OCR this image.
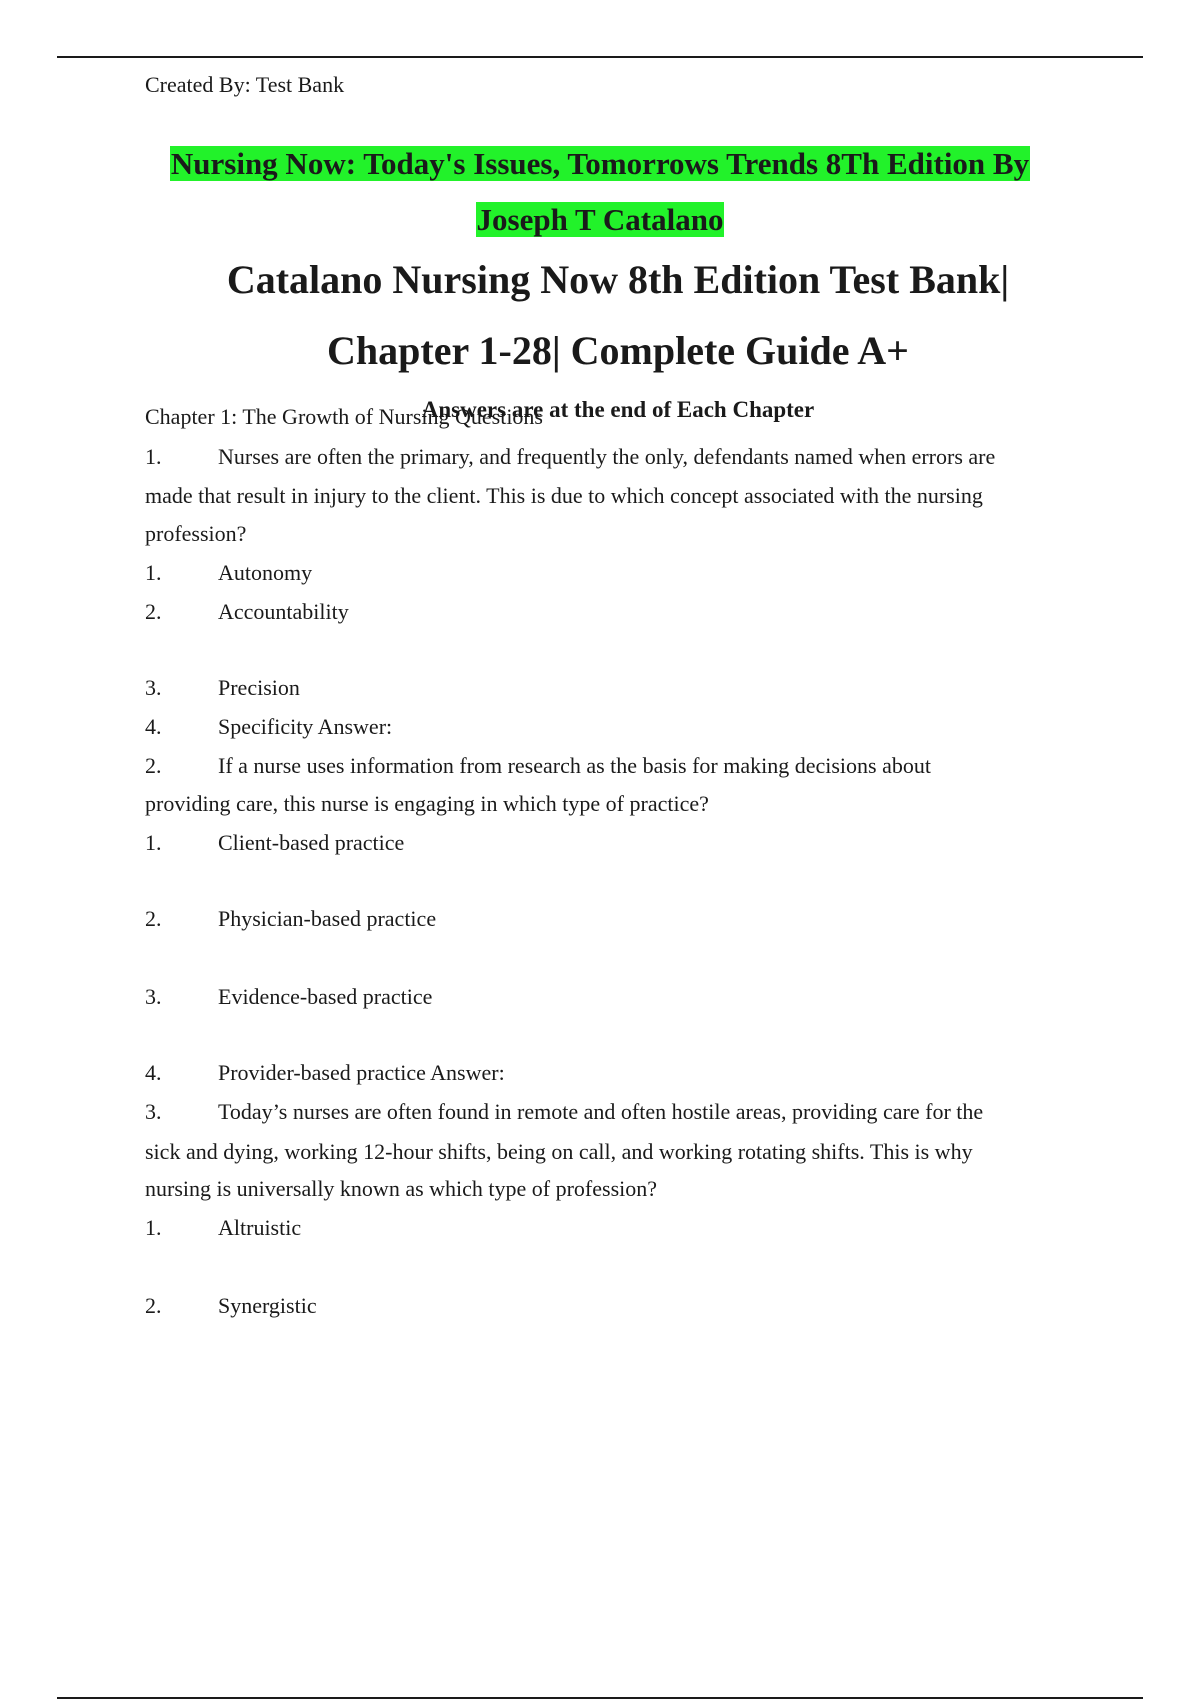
Created By: Test Bank
Nursing Now: Today's Issues, Tomorrows Trends 8Th Edition By
Joseph T Catalano
Catalano Nursing Now 8th Edition Test Bank|
Chapter 1-28| Complete Guide A+
Answers are at the end of Each Chapter
Chapter 1: The Growth of Nursing Questions
1.	Nurses are often the primary, and frequently the only, defendants named when errors are
made that result in injury to the client. This is due to which concept associated with the nursing
profession?
1.	Autonomy
2.	Accountability
3.	Precision
4.	Specificity Answer:
2.	If a nurse uses information from research as the basis for making decisions about
providing care, this nurse is engaging in which type of practice?
1.	Client-based practice
2.	Physician-based practice
3.	Evidence-based practice
4.	Provider-based practice Answer:
3.	Today’s nurses are often found in remote and often hostile areas, providing care for the
sick and dying, working 12-hour shifts, being on call, and working rotating shifts. This is why
nursing is universally known as which type of profession?
1.	Altruistic
2.	Synergistic
